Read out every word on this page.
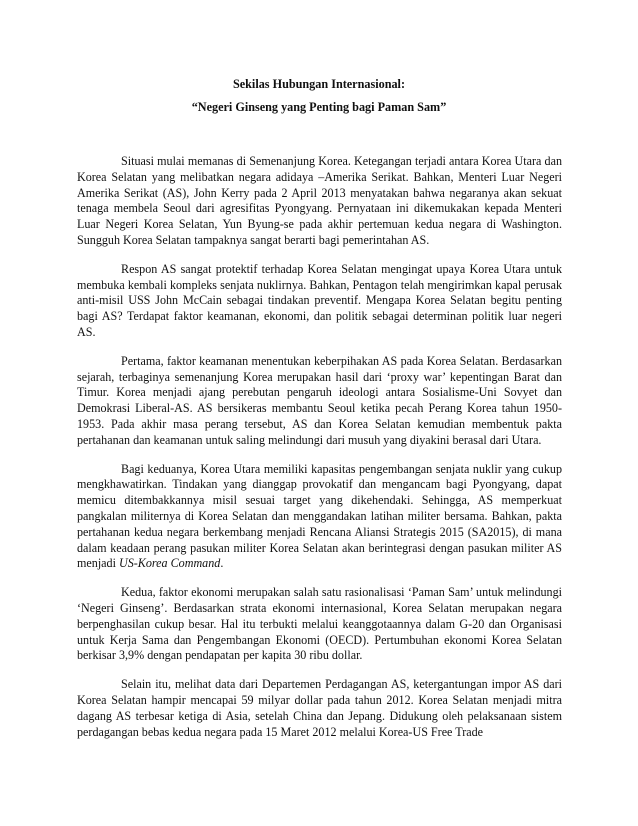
Sekilas Hubungan Internasional:
“Negeri Ginseng yang Penting bagi Paman Sam”

Situasi mulai memanas di Semenanjung Korea. Ketegangan terjadi antara Korea Utara dan Korea Selatan yang melibatkan negara adidaya –Amerika Serikat. Bahkan, Menteri Luar Negeri Amerika Serikat (AS), John Kerry pada 2 April 2013 menyatakan bahwa negaranya akan sekuat tenaga membela Seoul dari agresifitas Pyongyang. Pernyataan ini dikemukakan kepada Menteri Luar Negeri Korea Selatan, Yun Byung-se pada akhir pertemuan kedua negara di Washington. Sungguh Korea Selatan tampaknya sangat berarti bagi pemerintahan AS.

Respon AS sangat protektif terhadap Korea Selatan mengingat upaya Korea Utara untuk membuka kembali kompleks senjata nuklirnya. Bahkan, Pentagon telah mengirimkan kapal perusak anti-misil USS John McCain sebagai tindakan preventif. Mengapa Korea Selatan begitu penting bagi AS? Terdapat faktor keamanan, ekonomi, dan politik sebagai determinan politik luar negeri AS.

Pertama, faktor keamanan menentukan keberpihakan AS pada Korea Selatan. Berdasarkan sejarah, terbaginya semenanjung Korea merupakan hasil dari ‘proxy war’ kepentingan Barat dan Timur. Korea menjadi ajang perebutan pengaruh ideologi antara Sosialisme-Uni Sovyet dan Demokrasi Liberal-AS. AS bersikeras membantu Seoul ketika pecah Perang Korea tahun 1950-1953. Pada akhir masa perang tersebut, AS dan Korea Selatan kemudian membentuk pakta pertahanan dan keamanan untuk saling melindungi dari musuh yang diyakini berasal dari Utara.

Bagi keduanya, Korea Utara memiliki kapasitas pengembangan senjata nuklir yang cukup mengkhawatirkan. Tindakan yang dianggap provokatif dan mengancam bagi Pyongyang, dapat memicu ditembakkannya misil sesuai target yang dikehendaki. Sehingga, AS memperkuat pangkalan militernya di Korea Selatan dan menggandakan latihan militer bersama. Bahkan, pakta pertahanan kedua negara berkembang menjadi Rencana Aliansi Strategis 2015 (SA2015), di mana dalam keadaan perang pasukan militer Korea Selatan akan berintegrasi dengan pasukan militer AS menjadi US-Korea Command.

Kedua, faktor ekonomi merupakan salah satu rasionalisasi ‘Paman Sam’ untuk melindungi ‘Negeri Ginseng’. Berdasarkan strata ekonomi internasional, Korea Selatan merupakan negara berpenghasilan cukup besar. Hal itu terbukti melalui keanggotaannya dalam G-20 dan Organisasi untuk Kerja Sama dan Pengembangan Ekonomi (OECD). Pertumbuhan ekonomi Korea Selatan berkisar 3,9% dengan pendapatan per kapita 30 ribu dollar.

Selain itu, melihat data dari Departemen Perdagangan AS, ketergantungan impor AS dari Korea Selatan hampir mencapai 59 milyar dollar pada tahun 2012. Korea Selatan menjadi mitra dagang AS terbesar ketiga di Asia, setelah China dan Jepang. Didukung oleh pelaksanaan sistem perdagangan bebas kedua negara pada 15 Maret 2012 melalui Korea-US Free Trade
